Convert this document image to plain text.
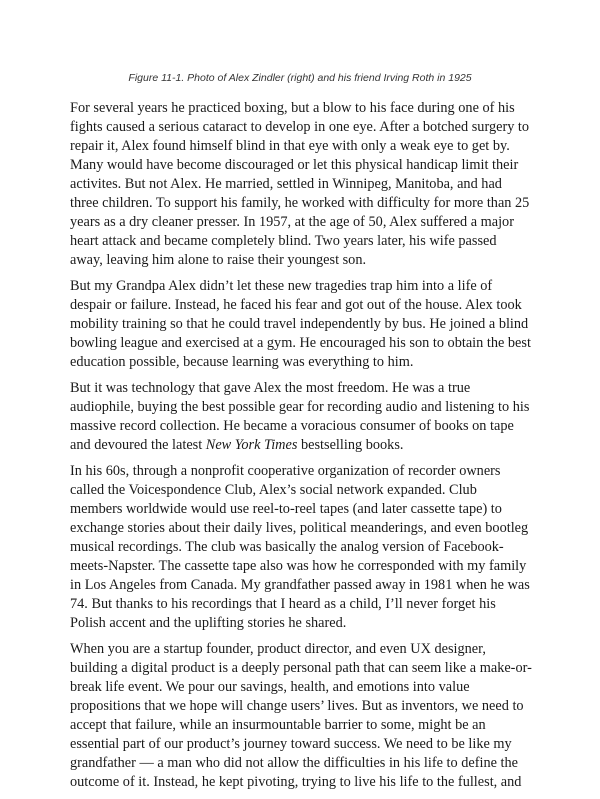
Figure 11-1. Photo of Alex Zindler (right) and his friend Irving Roth in 1925

For several years he practiced boxing, but a blow to his face during one of his fights caused a serious cataract to develop in one eye. After a botched surgery to repair it, Alex found himself blind in that eye with only a weak eye to get by. Many would have become discouraged or let this physical handicap limit their activites. But not Alex. He married, settled in Winnipeg, Manitoba, and had three children. To support his family, he worked with difficulty for more than 25 years as a dry cleaner presser. In 1957, at the age of 50, Alex suffered a major heart attack and became completely blind. Two years later, his wife passed away, leaving him alone to raise their youngest son.

But my Grandpa Alex didn’t let these new tragedies trap him into a life of despair or failure. Instead, he faced his fear and got out of the house. Alex took mobility training so that he could travel independently by bus. He joined a blind bowling league and exercised at a gym. He encouraged his son to obtain the best education possible, because learning was everything to him.

But it was technology that gave Alex the most freedom. He was a true audiophile, buying the best possible gear for recording audio and listening to his massive record collection. He became a voracious consumer of books on tape and devoured the latest New York Times bestselling books.

In his 60s, through a nonprofit cooperative organization of recorder owners called the Voicespondence Club, Alex’s social network expanded. Club members worldwide would use reel-to-reel tapes (and later cassette tape) to exchange stories about their daily lives, political meanderings, and even bootleg musical recordings. The club was basically the analog version of Facebook-meets-Napster. The cassette tape also was how he corresponded with my family in Los Angeles from Canada. My grandfather passed away in 1981 when he was 74. But thanks to his recordings that I heard as a child, I’ll never forget his Polish accent and the uplifting stories he shared.

When you are a startup founder, product director, and even UX designer, building a digital product is a deeply personal path that can seem like a make-or-break life event. We pour our savings, health, and emotions into value propositions that we hope will change users’ lives. But as inventors, we need to accept that failure, while an insurmountable barrier to some, might be an essential part of our product’s journey toward success. We need to be like my grandfather — a man who did not allow the difficulties in his life to define the outcome of it. Instead, he kept pivoting, trying to live his life to the fullest, and
